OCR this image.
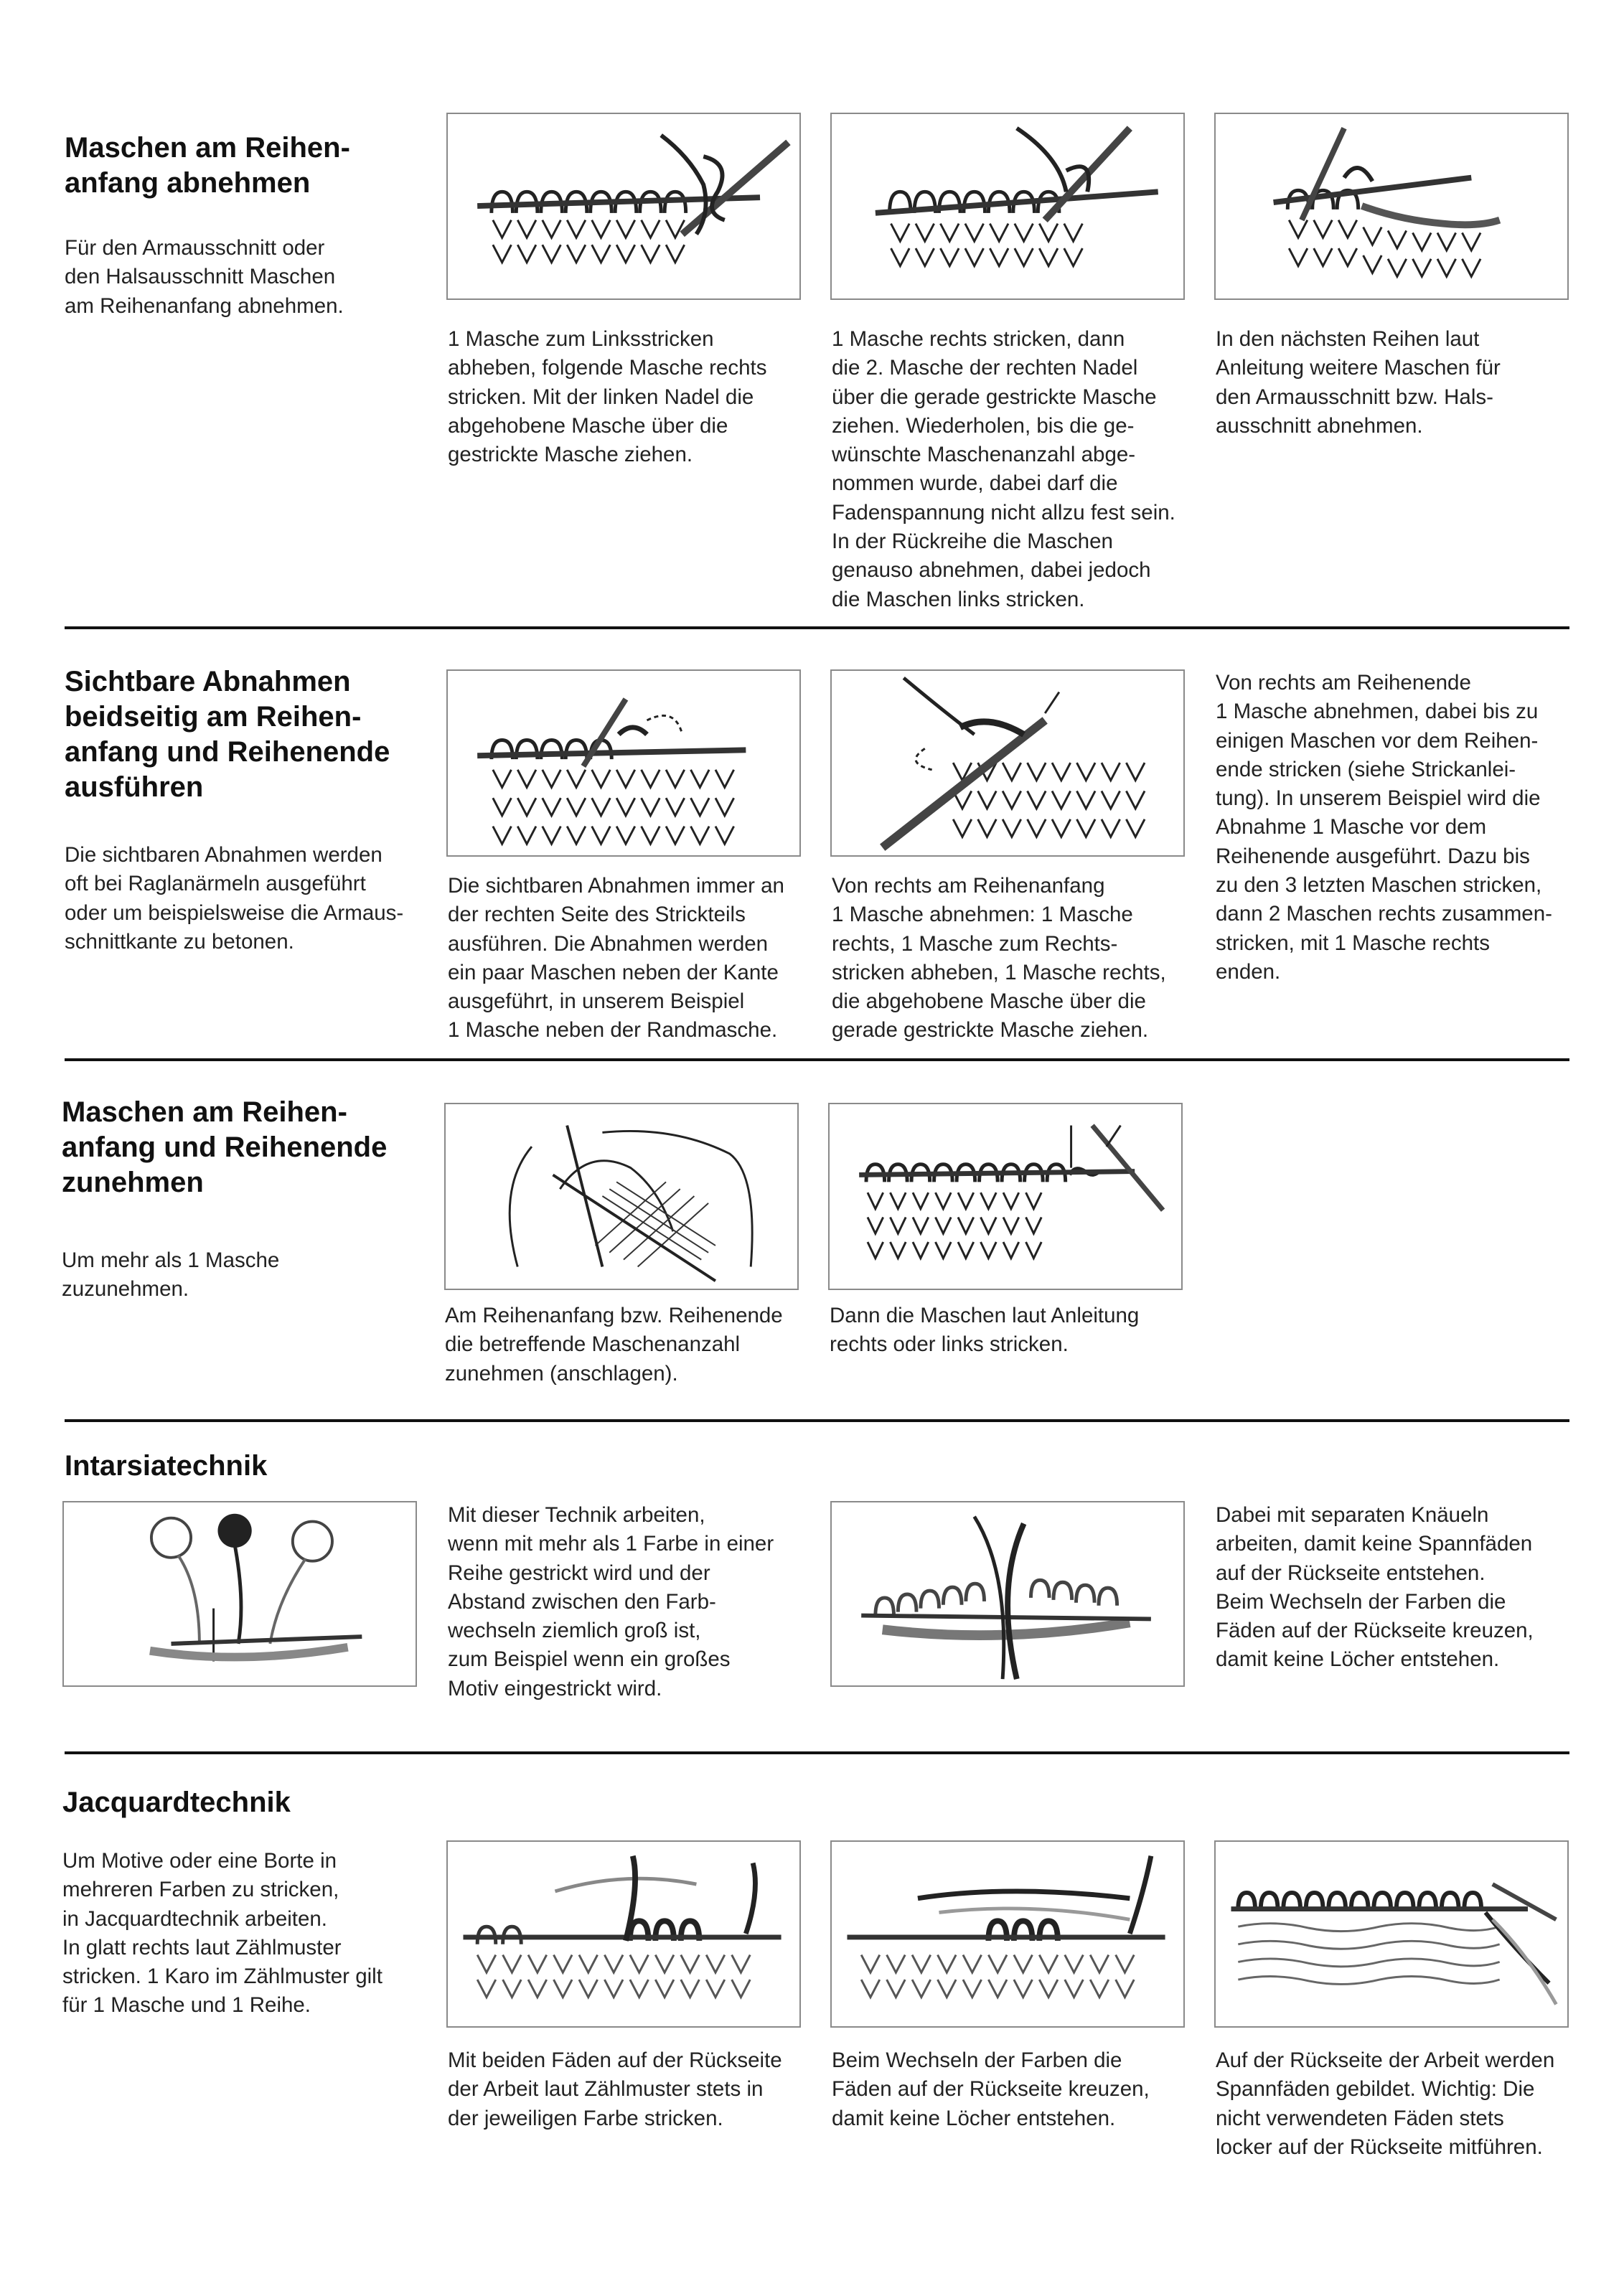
Maschen am Reihen-
anfang abnehmen

Für den Armausschnitt oder
den Halsausschnitt Maschen
am Reihenanfang abnehmen.

1 Masche zum Linksstricken
abheben, folgende Masche rechts
stricken. Mit der linken Nadel die
abgehobene Masche über die
gestrickte Masche ziehen.

1 Masche rechts stricken, dann
die 2. Masche der rechten Nadel
über die gerade gestrickte Masche
ziehen. Wiederholen, bis die ge-
wünschte Maschenanzahl abge-
nommen wurde, dabei darf die
Fadenspannung nicht allzu fest sein.
In der Rückreihe die Maschen
genauso abnehmen, dabei jedoch
die Maschen links stricken.

In den nächsten Reihen laut
Anleitung weitere Maschen für
den Armausschnitt bzw. Hals-
ausschnitt abnehmen.

Sichtbare Abnahmen
beidseitig am Reihen-
anfang und Reihenende
ausführen

Die sichtbaren Abnahmen werden
oft bei Raglanärmeln ausgeführt
oder um beispielsweise die Armaus-
schnittkante zu betonen.

Die sichtbaren Abnahmen immer an
der rechten Seite des Strickteils
ausführen. Die Abnahmen werden
ein paar Maschen neben der Kante
ausgeführt, in unserem Beispiel
1 Masche neben der Randmasche.

Von rechts am Reihenanfang
1 Masche abnehmen: 1 Masche
rechts, 1 Masche zum Rechts-
stricken abheben, 1 Masche rechts,
die abgehobene Masche über die
gerade gestrickte Masche ziehen.

Von rechts am Reihenende
1 Masche abnehmen, dabei bis zu
einigen Maschen vor dem Reihen-
ende stricken (siehe Strickanlei-
tung). In unserem Beispiel wird die
Abnahme 1 Masche vor dem
Reihenende ausgeführt. Dazu bis
zu den 3 letzten Maschen stricken,
dann 2 Maschen rechts zusammen-
stricken, mit 1 Masche rechts
enden.

Maschen am Reihen-
anfang und Reihenende
zunehmen

Um mehr als 1 Masche
zuzunehmen.

Am Reihenanfang bzw. Reihenende
die betreffende Maschenanzahl
zunehmen (anschlagen).

Dann die Maschen laut Anleitung
rechts oder links stricken.

Intarsiatechnik

Mit dieser Technik arbeiten,
wenn mit mehr als 1 Farbe in einer
Reihe gestrickt wird und der
Abstand zwischen den Farb-
wechseln ziemlich groß ist,
zum Beispiel wenn ein großes
Motiv eingestrickt wird.

Dabei mit separaten Knäueln
arbeiten, damit keine Spannfäden
auf der Rückseite entstehen.
Beim Wechseln der Farben die
Fäden auf der Rückseite kreuzen,
damit keine Löcher entstehen.

Jacquardtechnik

Um Motive oder eine Borte in
mehreren Farben zu stricken,
in Jacquardtechnik arbeiten.
In glatt rechts laut Zählmuster
stricken. 1 Karo im Zählmuster gilt
für 1 Masche und 1 Reihe.

Mit beiden Fäden auf der Rückseite
der Arbeit laut Zählmuster stets in
der jeweiligen Farbe stricken.

Beim Wechseln der Farben die
Fäden auf der Rückseite kreuzen,
damit keine Löcher entstehen.

Auf der Rückseite der Arbeit werden
Spannfäden gebildet. Wichtig: Die
nicht verwendeten Fäden stets
locker auf der Rückseite mitführen.
